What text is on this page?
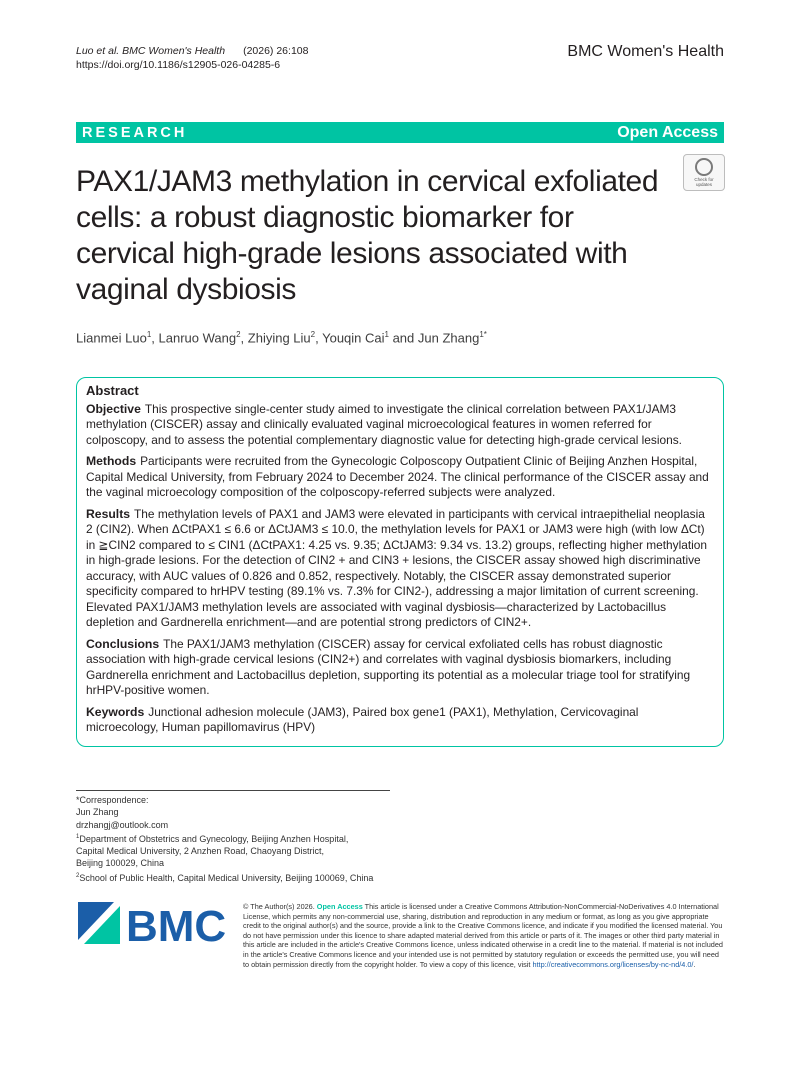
Luo et al. BMC Women's Health (2026) 26:108
https://doi.org/10.1186/s12905-026-04285-6
BMC Women's Health
RESEARCH	Open Access
PAX1/JAM3 methylation in cervical exfoliated cells: a robust diagnostic biomarker for cervical high-grade lesions associated with vaginal dysbiosis
Check for
updates
Lianmei Luo$^1$, Lanruo Wang$^2$, Zhiying Liu$^2$, Youqin Cai$^1$ and Jun Zhang$^{1*}$
Abstract

Objective This prospective single-center study aimed to investigate the clinical correlation between PAX1/JAM3 methylation (CISCER) assay and clinically evaluated vaginal microecological features in women referred for colposcopy, and to assess the potential complementary diagnostic value for detecting high-grade cervical lesions.

Methods Participants were recruited from the Gynecologic Colposcopy Outpatient Clinic of Beijing Anzhen Hospital, Capital Medical University, from February 2024 to December 2024. The clinical performance of the CISCER assay and the vaginal microecology composition of the colposcopy-referred subjects were analyzed.

Results The methylation levels of PAX1 and JAM3 were elevated in participants with cervical intraepithelial neoplasia 2 (CIN2). When ΔCtPAX1 ≤ 6.6 or ΔCtJAM3 ≤ 10.0, the methylation levels for PAX1 or JAM3 were high (with low ΔCt) in ≧CIN2 compared to ≤ CIN1 (ΔCtPAX1: 4.25 vs. 9.35; ΔCtJAM3: 9.34 vs. 13.2) groups, reflecting higher methylation in high-grade lesions. For the detection of CIN2 + and CIN3 + lesions, the CISCER assay showed high discriminative accuracy, with AUC values of 0.826 and 0.852, respectively. Notably, the CISCER assay demonstrated superior specificity compared to hrHPV testing (89.1% vs. 7.3% for CIN2-), addressing a major limitation of current screening. Elevated PAX1/JAM3 methylation levels are associated with vaginal dysbiosis—characterized by Lactobacillus depletion and Gardnerella enrichment—and are potential strong predictors of CIN2+.

Conclusions The PAX1/JAM3 methylation (CISCER) assay for cervical exfoliated cells has robust diagnostic association with high-grade cervical lesions (CIN2+) and correlates with vaginal dysbiosis biomarkers, including Gardnerella enrichment and Lactobacillus depletion, supporting its potential as a molecular triage tool for stratifying hrHPV-positive women.

Keywords Junctional adhesion molecule (JAM3), Paired box gene1 (PAX1), Methylation, Cervicovaginal microecology, Human papillomavirus (HPV)

*Correspondence:
Jun Zhang
drzhangj@outlook.com
$^1$Department of Obstetrics and Gynecology, Beijing Anzhen Hospital,
Capital Medical University, 2 Anzhen Road, Chaoyang District,
Beijing 100029, China
$^2$School of Public Health, Capital Medical University, Beijing 100069, China
BMC © The Author(s) 2026. Open Access This article is licensed under a Creative Commons Attribution-NonCommercial-NoDerivatives 4.0 International License, which permits any non-commercial use, sharing, distribution and reproduction in any medium or format, as long as you give appropriate credit to the original author(s) and the source, provide a link to the Creative Commons licence, and indicate if you modified the licensed material. You do not have permission under this licence to share adapted material derived from this article or parts of it. The images or other third party material in this article are included in the article's Creative Commons licence, unless indicated otherwise in a credit line to the material. If material is not included in the article's Creative Commons licence and your intended use is not permitted by statutory regulation or exceeds the permitted use, you will need to obtain permission directly from the copyright holder. To view a copy of this licence, visit http://creativecommons.org/licenses/by-nc-nd/4.0/.
